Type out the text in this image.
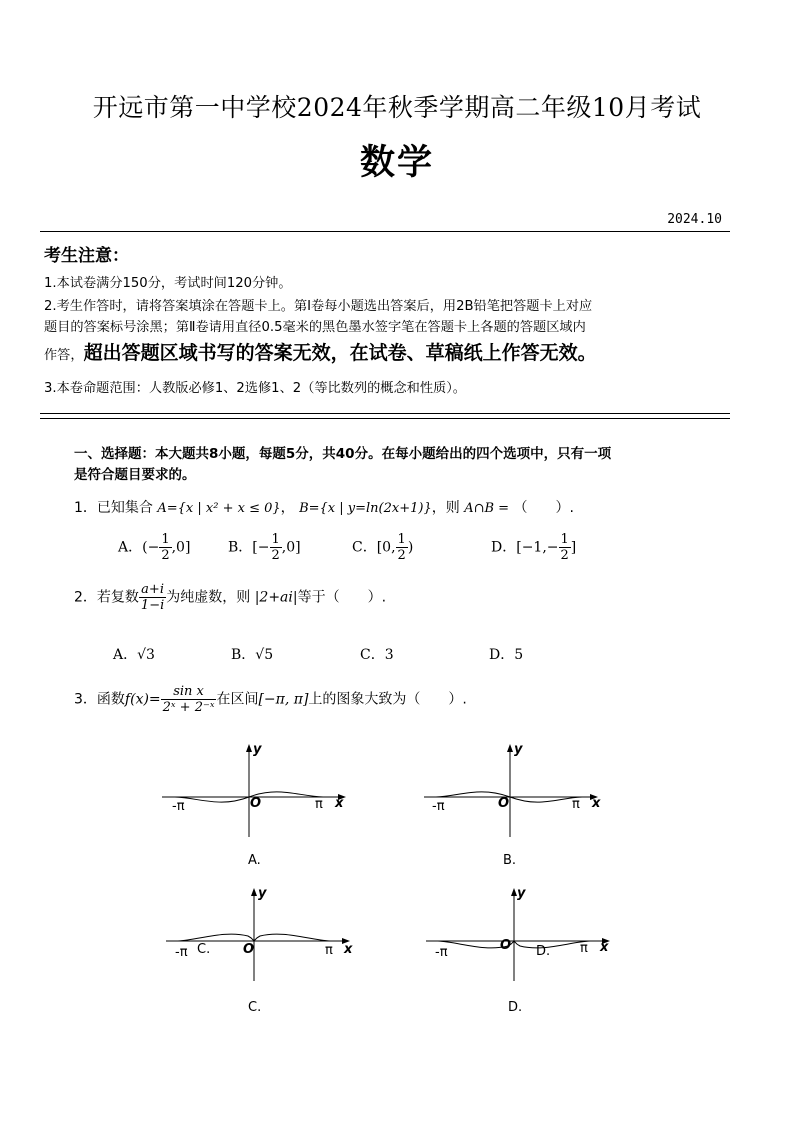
开远市第一中学校2024年秋季学期高二年级10月考试
数学
2024.10
考生注意：
1.本试卷满分150分，考试时间120分钟。
2.考生作答时，请将答案填涂在答题卡上。第Ⅰ卷每小题选出答案后，用2B铅笔把答题卡上对应
题目的答案标号涂黑；第Ⅱ卷请用直径0.5毫米的黑色墨水签字笔在答题卡上各题的答题区域内
作答，超出答题区域书写的答案无效，在试卷、草稿纸上作答无效。
3.本卷命题范围：人教版必修1、2选修1、2（等比数列的概念和性质）。
一、选择题：本大题共8小题，每题5分，共40分。在每小题给出的四个选项中，只有一项
是符合题目要求的。
1．已知集合 A={x | x² + x ≤ 0}， B={x | y=ln(2x+1)}，则 A∩B = （　　）.
A．(− $\frac{1}{2} ,0$]	B．[− $\frac{1}{2} ,0$]	C．[0, $\frac{1}{2}$ )	D．[$-1,- \frac{1}{2}$ ]
2．若复数 $\frac{a+i}{1-i}$ 为纯虚数，则 |2+ai|等于（　　）.
A．√3	B．√5	C．3	D．5
3．函数$f(x)= \frac{\text{sin x}}{\text{2ˣ + 2⁻ˣ}}$ 在区间[−π, π]上的图象大致为（　　）.
y
x
O
-π	π
A.
y
x
O
-π	π
B.
y
x
O
-π C.	π
C.
y
x
O
-π	D. π
D.
